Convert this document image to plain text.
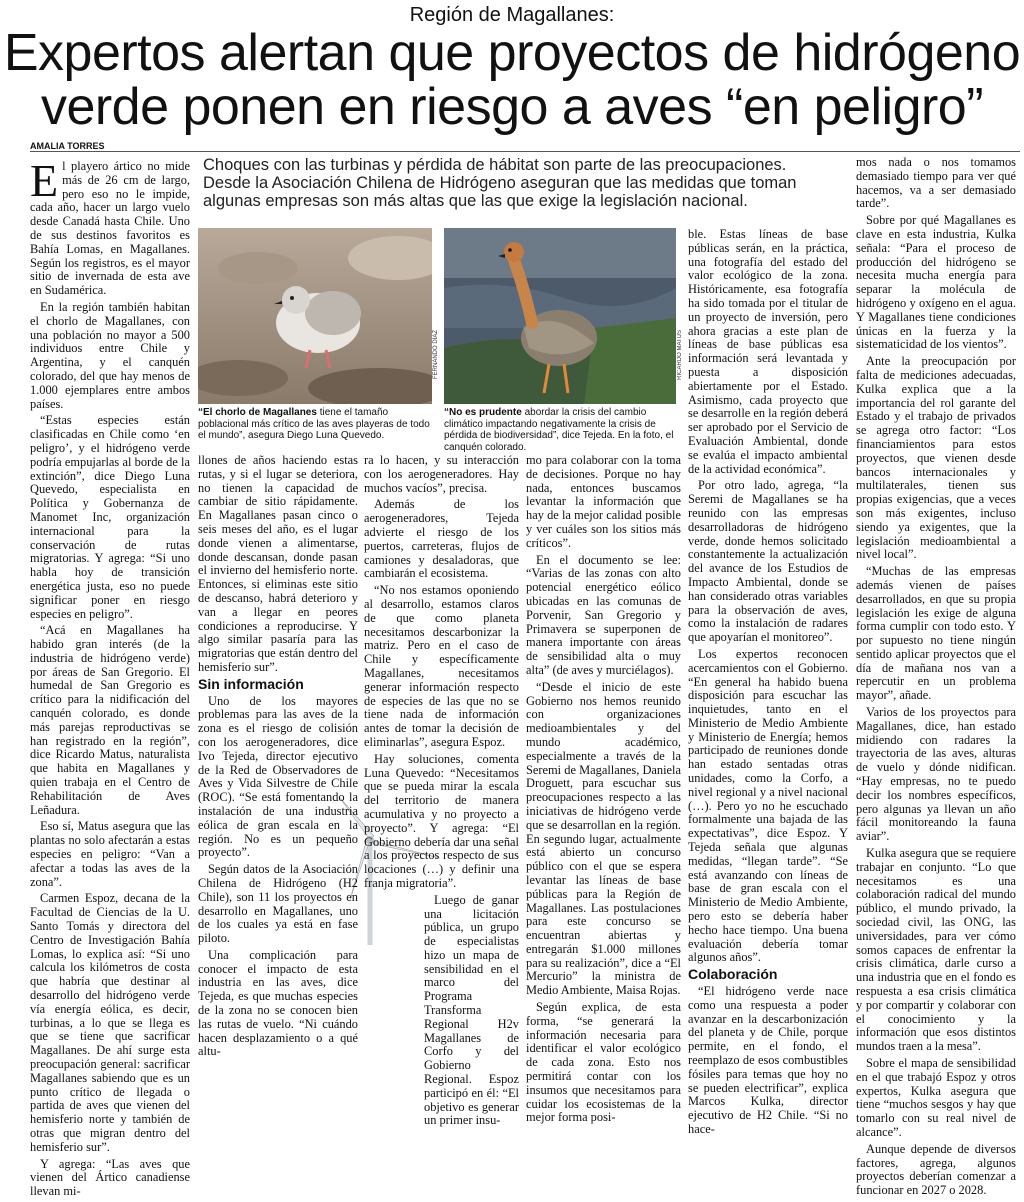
Región de Magallanes:
Expertos alertan que proyectos de hidrógeno
verde ponen en riesgo a aves “en peligro”
AMALIA TORRES
Choques con las turbinas y pérdida de hábitat son parte de las preocupaciones. Desde la Asociación Chilena de Hidrógeno aseguran que las medidas que toman algunas empresas son más altas que las que exige la legislación nacional.
FERNANDO DÍAZ
“El chorlo de Magallanes tiene el tamaño poblacional más crítico de las aves playeras de todo el mundo”, asegura Diego Luna Quevedo.
RICARDO MATUS
“No es prudente abordar la crisis del cambio climático impactando negativamente la crisis de pérdida de biodiversidad”, dice Tejeda. En la foto, el canquén colorado.

El playero ártico no mide más de 26 cm de largo, pero eso no le impide, cada año, hacer un largo vuelo desde Canadá hasta Chile. Uno de sus destinos favoritos es Bahía Lomas, en Magallanes. Según los registros, es el mayor sitio de invernada de esta ave en Sudamérica.

En la región también habitan el chorlo de Magallanes, con una población no mayor a 500 individuos entre Chile y Argentina, y el canquén colorado, del que hay menos de 1.000 ejemplares entre ambos países.

“Estas especies están clasificadas en Chile como ‘en peligro’, y el hidrógeno verde podría empujarlas al borde de la extinción”, dice Diego Luna Quevedo, especialista en Política y Gobernanza de Manomet Inc, organización internacional para la conservación de rutas migratorias. Y agrega: “Si uno habla hoy de transición energética justa, eso no puede significar poner en riesgo especies en peligro”.

“Acá en Magallanes ha habido gran interés (de la industria de hidrógeno verde) por áreas de San Gregorio. El humedal de San Gregorio es crítico para la nidificación del canquén colorado, es donde más parejas reproductivas se han registrado en la región”, dice Ricardo Matus, naturalista que habita en Magallanes y quien trabaja en el Centro de Rehabilitación de Aves Leñadura.

Eso sí, Matus asegura que las plantas no solo afectarán a estas especies en peligro: “Van a afectar a todas las aves de la zona”.

Carmen Espoz, decana de la Facultad de Ciencias de la U. Santo Tomás y directora del Centro de Investigación Bahía Lomas, lo explica así: “Si uno calcula los kilómetros de costa que habría que destinar al desarrollo del hidrógeno verde vía energía eólica, es decir, turbinas, a lo que se llega es que se tiene que sacrificar Magallanes. De ahí surge esta preocupación general: sacrificar Magallanes sabiendo que es un punto crítico de llegada o partida de aves que vienen del hemisferio norte y también de otras que migran dentro del hemisferio sur”.

Y agrega: “Las aves que vienen del Ártico canadiense llevan mi-

llones de años haciendo estas rutas, y si el lugar se deteriora, no tienen la capacidad de cambiar de sitio rápidamente. En Magallanes pasan cinco o seis meses del año, es el lugar donde vienen a alimentarse, donde descansan, donde pasan el invierno del hemisferio norte. Entonces, si eliminas este sitio de descanso, habrá deterioro y van a llegar en peores condiciones a reproducirse. Y algo similar pasaría para las migratorias que están dentro del hemisferio sur”.

Sin información

Uno de los mayores problemas para las aves de la zona es el riesgo de colisión con los aerogeneradores, dice Ivo Tejeda, director ejecutivo de la Red de Observadores de Aves y Vida Silvestre de Chile (ROC). “Se está fomentando la instalación de una industria eólica de gran escala en la región. No es un pequeño proyecto”.

Según datos de la Asociación Chilena de Hidrógeno (H2 Chile), son 11 los proyectos en desarrollo en Magallanes, uno de los cuales ya está en fase piloto.

Una complicación para conocer el impacto de esta industria en las aves, dice Tejeda, es que muchas especies de la zona no se conocen bien las rutas de vuelo. “Ni cuándo hacen desplazamiento o a qué altu-

ra lo hacen, y su interacción con los aerogeneradores. Hay muchos vacíos”, precisa.

Además de los aerogeneradores, Tejeda advierte el riesgo de los puertos, carreteras, flujos de camiones y desaladoras, que cambiarán el ecosistema.

“No nos estamos oponiendo al desarrollo, estamos claros de que como planeta necesitamos descarbonizar la matriz. Pero en el caso de Chile y específicamente Magallanes, necesitamos generar información respecto de especies de las que no se tiene nada de información antes de tomar la decisión de eliminarlas”, asegura Espoz.

Hay soluciones, comenta Luna Quevedo: “Necesitamos que se pueda mirar la escala del territorio de manera acumulativa y no proyecto a proyecto”. Y agrega: “El Gobierno debería dar una señal a los proyectos respecto de sus locaciones (…) y definir una franja migratoria”.

Luego de ganar una licitación pública, un grupo de especialistas hizo un mapa de sensibilidad en el marco del Programa Transforma Regional H2v Magallanes de Corfo y del Gobierno Regional. Espoz participó en él: “El objetivo es generar un primer insu-

mo para colaborar con la toma de decisiones. Porque no hay nada, entonces buscamos levantar la información que hay de la mejor calidad posible y ver cuáles son los sitios más críticos”.

En el documento se lee: “Varias de las zonas con alto potencial energético eólico ubicadas en las comunas de Porvenir, San Gregorio y Primavera se superponen de manera importante con áreas de sensibilidad alta o muy alta” (de aves y murciélagos).

“Desde el inicio de este Gobierno nos hemos reunido con organizaciones medioambientales y del mundo académico, especialmente a través de la Seremi de Magallanes, Daniela Droguett, para escuchar sus preocupaciones respecto a las iniciativas de hidrógeno verde que se desarrollan en la región. En segundo lugar, actualmente está abierto un concurso público con el que se espera levantar las líneas de base públicas para la Región de Magallanes. Las postulaciones para este concurso se encuentran abiertas y entregarán $1.000 millones para su realización”, dice a “El Mercurio” la ministra de Medio Ambiente, Maisa Rojas.

Según explica, de esta forma, “se generará la información necesaria para identificar el valor ecológico de cada zona. Esto nos permitirá contar con los insumos que necesitamos para cuidar los ecosistemas de la mejor forma posi-

ble. Estas líneas de base públicas serán, en la práctica, una fotografía del estado del valor ecológico de la zona. Históricamente, esa fotografía ha sido tomada por el titular de un proyecto de inversión, pero ahora gracias a este plan de líneas de base públicas esa información será levantada y puesta a disposición abiertamente por el Estado. Asimismo, cada proyecto que se desarrolle en la región deberá ser aprobado por el Servicio de Evaluación Ambiental, donde se evalúa el impacto ambiental de la actividad económica”.

Por otro lado, agrega, “la Seremi de Magallanes se ha reunido con las empresas desarrolladoras de hidrógeno verde, donde hemos solicitado constantemente la actualización del avance de los Estudios de Impacto Ambiental, donde se han considerado otras variables para la observación de aves, como la instalación de radares que apoyarían el monitoreo”.

Los expertos reconocen acercamientos con el Gobierno. “En general ha habido buena disposición para escuchar las inquietudes, tanto en el Ministerio de Medio Ambiente y Ministerio de Energía; hemos participado de reuniones donde han estado sentadas otras unidades, como la Corfo, a nivel regional y a nivel nacional (…). Pero yo no he escuchado formalmente una bajada de las expectativas”, dice Espoz. Y Tejeda señala que algunas medidas, “llegan tarde”. “Se está avanzando con líneas de base de gran escala con el Ministerio de Medio Ambiente, pero esto se debería haber hecho hace tiempo. Una buena evaluación debería tomar algunos años”.

Colaboración

“El hidrógeno verde nace como una respuesta a poder avanzar en la descarbonización del planeta y de Chile, porque permite, en el fondo, el reemplazo de esos combustibles fósiles para temas que hoy no se pueden electrificar”, explica Marcos Kulka, director ejecutivo de H2 Chile. “Si no hace-

mos nada o nos tomamos demasiado tiempo para ver qué hacemos, va a ser demasiado tarde”.

Sobre por qué Magallanes es clave en esta industria, Kulka señala: “Para el proceso de producción del hidrógeno se necesita mucha energía para separar la molécula de hidrógeno y oxígeno en el agua. Y Magallanes tiene condiciones únicas en la fuerza y la sistematicidad de los vientos”.

Ante la preocupación por falta de mediciones adecuadas, Kulka explica que a la importancia del rol garante del Estado y el trabajo de privados se agrega otro factor: “Los financiamientos para estos proyectos, que vienen desde bancos internacionales y multilaterales, tienen sus propias exigencias, que a veces son más exigentes, incluso siendo ya exigentes, que la legislación medioambiental a nivel local”.

“Muchas de las empresas además vienen de países desarrollados, en que su propia legislación les exige de alguna forma cumplir con todo esto. Y por supuesto no tiene ningún sentido aplicar proyectos que el día de mañana nos van a repercutir en un problema mayor”, añade.

Varios de los proyectos para Magallanes, dice, han estado midiendo con radares la trayectoria de las aves, alturas de vuelo y dónde nidifican. “Hay empresas, no te puedo decir los nombres específicos, pero algunas ya llevan un año fácil monitoreando la fauna aviar”.

Kulka asegura que se requiere trabajar en conjunto. “Lo que necesitamos es una colaboración radical del mundo público, el mundo privado, la sociedad civil, las ONG, las universidades, para ver cómo somos capaces de enfrentar la crisis climática, darle curso a una industria que en el fondo es respuesta a esa crisis climática y por compartir y colaborar con el conocimiento y la información que esos distintos mundos traen a la mesa”.

Sobre el mapa de sensibilidad en el que trabajó Espoz y otros expertos, Kulka asegura que tiene “muchos sesgos y hay que tomarlo con su real nivel de alcance”.

Aunque depende de diversos factores, agrega, algunos proyectos deberían comenzar a funcionar en 2027 o 2028.
